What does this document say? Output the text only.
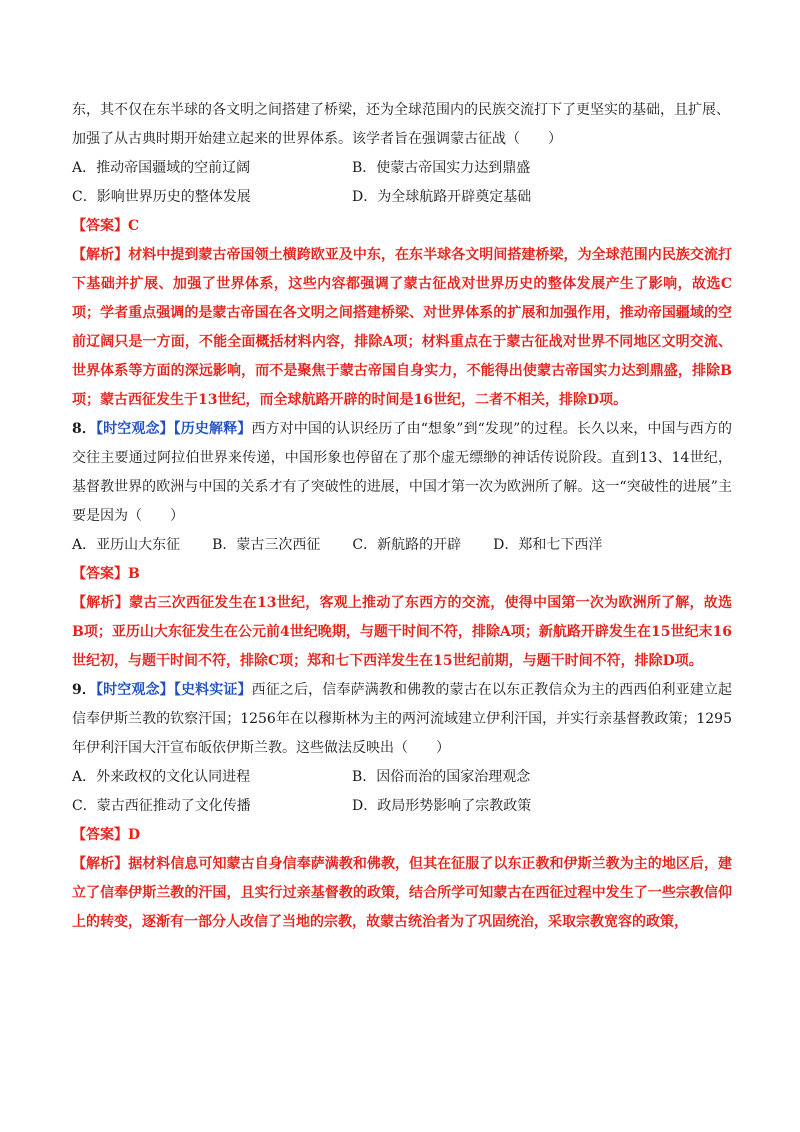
东，其不仅在东半球的各文明之间搭建了桥梁，还为全球范围内的民族交流打下了更坚实的基础，且扩展、

加强了从古典时期开始建立起来的世界体系。该学者旨在强调蒙古征战（　　）

A．推动帝国疆域的空前辽阔	B．使蒙古帝国实力达到鼎盛
C．影响世界历史的整体发展	D．为全球航路开辟奠定基础

【答案】C

【解析】材料中提到蒙古帝国领土横跨欧亚及中东，在东半球各文明间搭建桥梁，为全球范围内民族交流打下基础并扩展、加强了世界体系，这些内容都强调了蒙古征战对世界历史的整体发展产生了影响，故选C项；学者重点强调的是蒙古帝国在各文明之间搭建桥梁、对世界体系的扩展和加强作用，推动帝国疆域的空前辽阔只是一方面，不能全面概括材料内容，排除A项；材料重点在于蒙古征战对世界不同地区文明交流、世界体系等方面的深远影响，而不是聚焦于蒙古帝国自身实力，不能得出使蒙古帝国实力达到鼎盛，排除B项；蒙古西征发生于13世纪，而全球航路开辟的时间是16世纪，二者不相关，排除D项。

8．【时空观念】【历史解释】西方对中国的认识经历了由“想象”到“发现”的过程。长久以来，中国与西方的交往主要通过阿拉伯世界来传递，中国形象也停留在了那个虚无缥缈的神话传说阶段。直到13、14世纪，基督教世界的欧洲与中国的关系才有了突破性的进展，中国才第一次为欧洲所了解。这一“突破性的进展”主要是因为（　　）

A．亚历山大东征 B．蒙古三次西征 C．新航路的开辟 D．郑和七下西洋

【答案】B

【解析】蒙古三次西征发生在13世纪，客观上推动了东西方的交流，使得中国第一次为欧洲所了解，故选B项；亚历山大东征发生在公元前4世纪晚期，与题干时间不符，排除A项；新航路开辟发生在15世纪末16世纪初，与题干时间不符，排除C项；郑和七下西洋发生在15世纪前期，与题干时间不符，排除D项。

9．【时空观念】【史料实证】西征之后，信奉萨满教和佛教的蒙古在以东正教信众为主的西西伯利亚建立起信奉伊斯兰教的钦察汗国；1256年在以穆斯林为主的两河流域建立伊利汗国，并实行亲基督教政策；1295年伊利汗国大汗宣布皈依伊斯兰教。这些做法反映出（　　）

A．外来政权的文化认同进程	B．因俗而治的国家治理观念
C．蒙古西征推动了文化传播	D．政局形势影响了宗教政策

【答案】D

【解析】据材料信息可知蒙古自身信奉萨满教和佛教，但其在征服了以东正教和伊斯兰教为主的地区后，建立了信奉伊斯兰教的汗国，且实行过亲基督教的政策，结合所学可知蒙古在西征过程中发生了一些宗教信仰上的转变，逐渐有一部分人改信了当地的宗教，故蒙古统治者为了巩固统治，采取宗教宽容的政策，
